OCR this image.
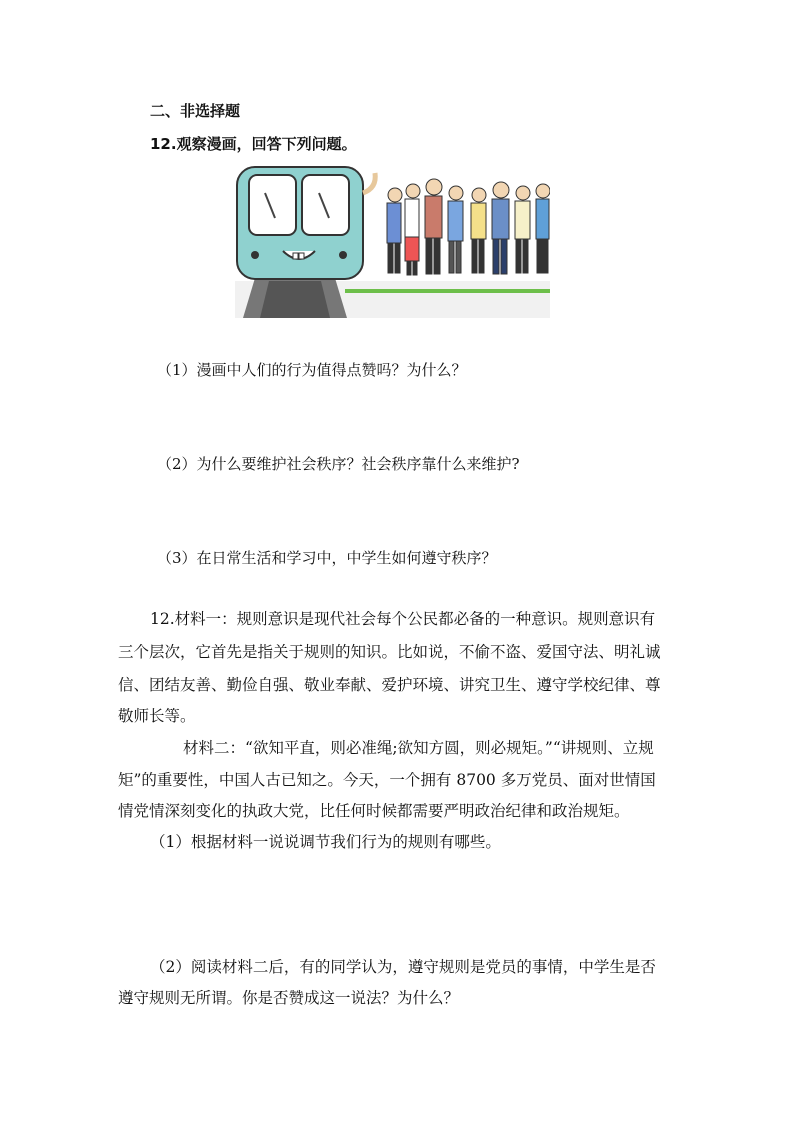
二、非选择题
12.观察漫画，回答下列问题。
（1）漫画中人们的行为值得点赞吗？为什么？
（2）为什么要维护社会秩序？社会秩序靠什么来维护?
（3）在日常生活和学习中，中学生如何遵守秩序？
12.材料一：规则意识是现代社会每个公民都必备的一种意识。规则意识有
三个层次，它首先是指关于规则的知识。比如说，不偷不盗、爱国守法、明礼诚
信、团结友善、勤俭自强、敬业奉献、爱护环境、讲究卫生、遵守学校纪律、尊
敬师长等。
材料二：“欲知平直，则必准绳;欲知方圆，则必规矩。”“讲规则、立规
矩”的重要性，中国人古已知之。今天，一个拥有 8700 多万党员、面对世情国
情党情深刻变化的执政大党，比任何时候都需要严明政治纪律和政治规矩。
（1）根据材料一说说调节我们行为的规则有哪些。
（2）阅读材料二后，有的同学认为，遵守规则是党员的事情，中学生是否
遵守规则无所谓。你是否赞成这一说法？为什么？
